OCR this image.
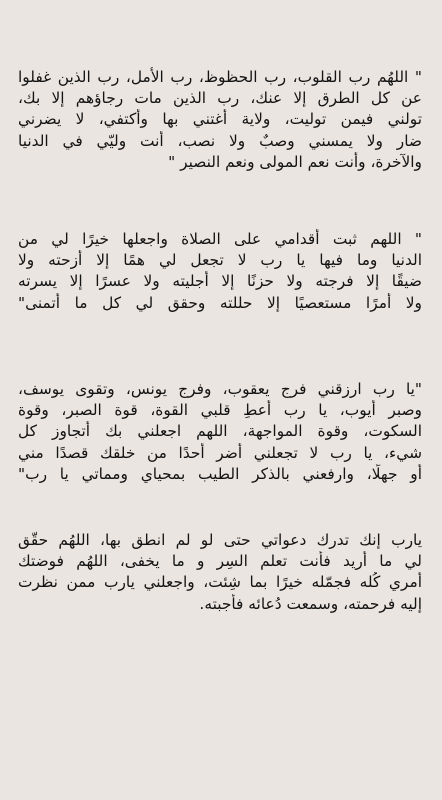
" اللهُم رب القلوب، رب الحظوظ، رب الأمل، رب الذين غفلوا
عن كل الطرق إلا عنك، رب الذين مات رجاؤهم إلا بك،
تولني فيمن توليت، ولاية أغتني بها وأكتفي، لا يضرني
ضار ولا يمسني وصبٌ ولا نصب، أنت وليّي في الدنيا
والآخرة، وأنت نعم المولى ونعم النصير "
" اللهم ثبت أقدامي على الصلاة واجعلها خيرًا لي من
الدنيا وما فيها يا رب لا تجعل لي همًا إلا أزحته ولا
ضيقًا إلا فرجته ولا حزنًا إلا أجليته ولا عسرًا إلا يسرته
ولا أمرًا مستعصيًا إلا حللته وحقق لي كل ما أتمنى"
"يا رب ارزقني فرج يعقوب، وفرج يونس، وتقوى يوسف،
وصبر أيوب، يا رب أعطِ قلبي القوة، قوة الصبر، وقوة
السكوت، وقوة المواجهة، اللهم اجعلني بك أتجاوز كل
شيء، يا رب لا تجعلني أضر أحدًا من خلقك قصدًا مني
أو جهلًا، وارفعني بالذكر الطيب بمحياي ومماتي يا رب"
يارب إنك تدرك دعواتي حتى لو لم انطق بها، اللهُم حقّق
لي ما أُريد فأنت تعلم السِر و ما يخفى، اللهُم فوضتك
أمري كُله فجمّله خيرًا بما شِئت، واجعلني يارب ممن نظرت
إليه فرحمته، وسمعت دُعائه فأجبته.
